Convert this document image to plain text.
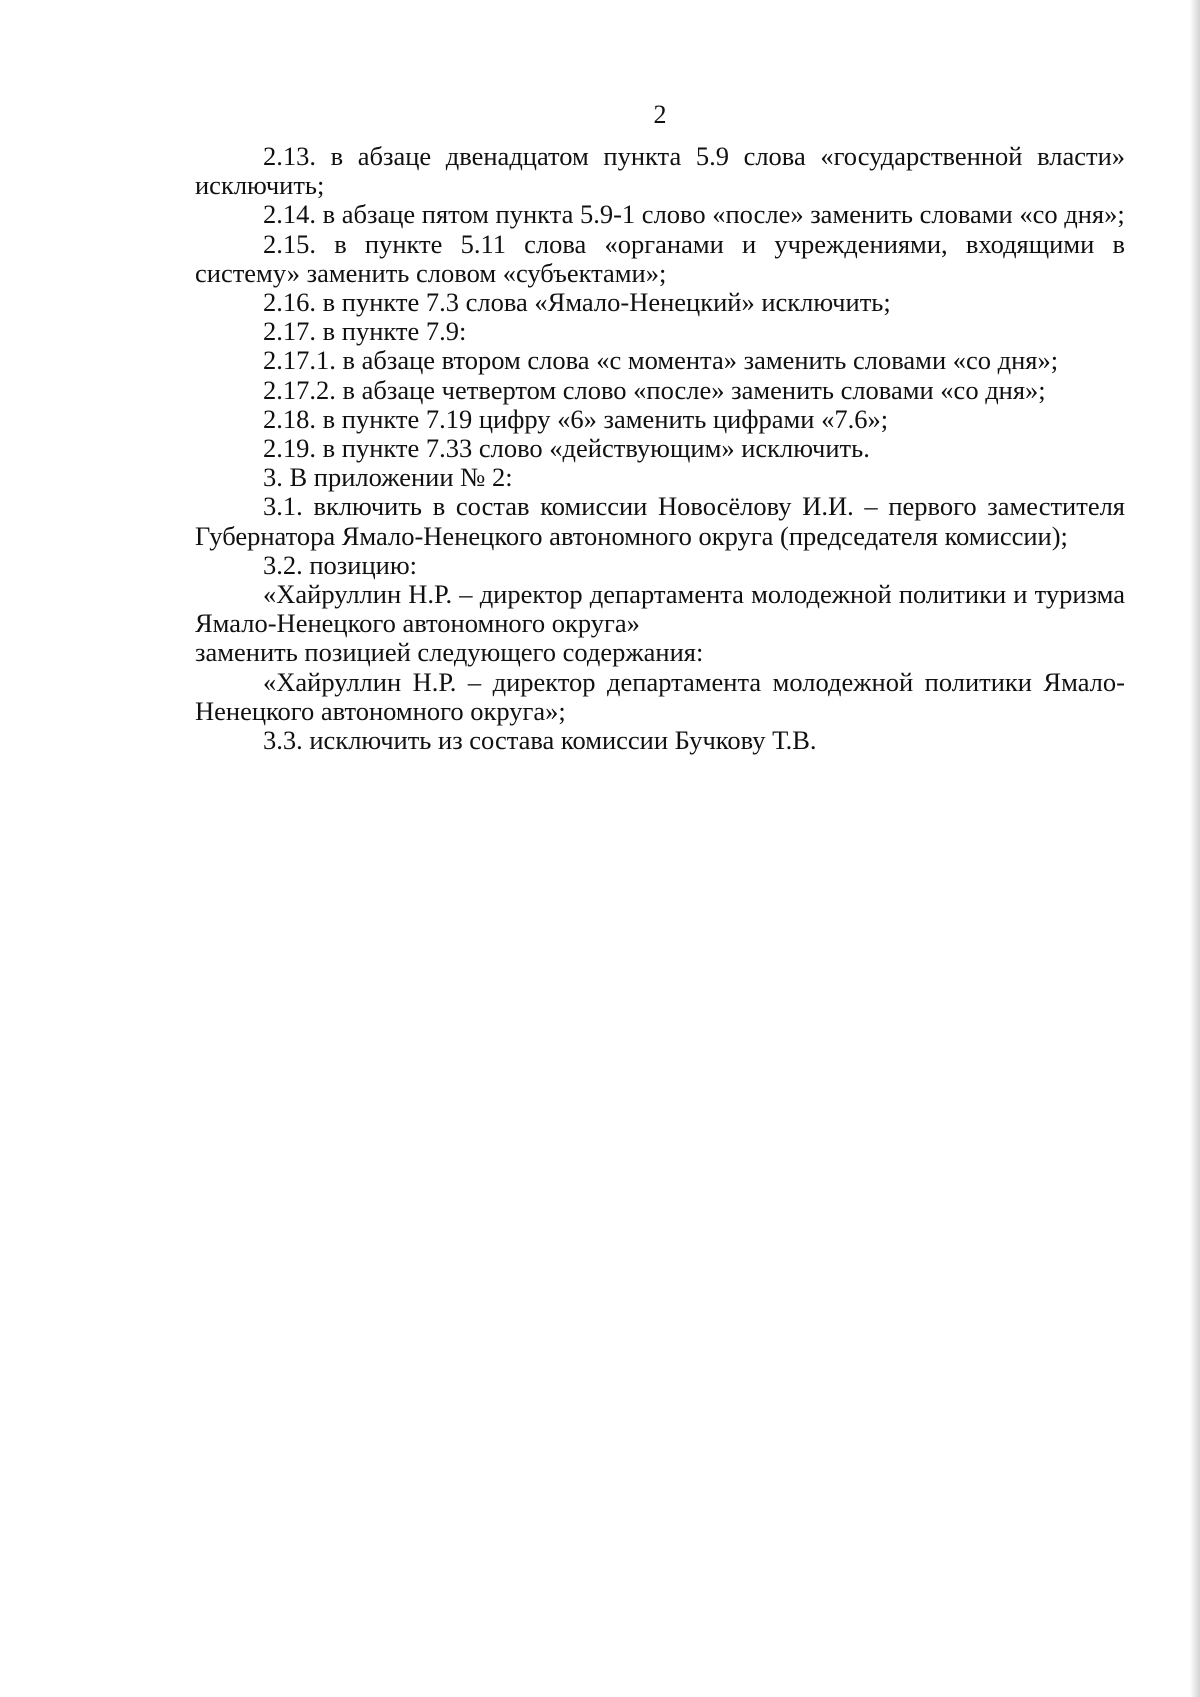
2

2.13. в абзаце двенадцатом пункта 5.9 слова «государственной власти» исключить;

2.14. в абзаце пятом пункта 5.9-1 слово «после» заменить словами «со дня»;

2.15. в пункте 5.11 слова «органами и учреждениями, входящими в систему» заменить словом «субъектами»;

2.16. в пункте 7.3 слова «Ямало-Ненецкий» исключить;

2.17. в пункте 7.9:

2.17.1. в абзаце втором слова «с момента» заменить словами «со дня»;

2.17.2. в абзаце четвертом слово «после» заменить словами «со дня»;

2.18. в пункте 7.19 цифру «6» заменить цифрами «7.6»;

2.19. в пункте 7.33 слово «действующим» исключить.

3. В приложении № 2:

3.1. включить в состав комиссии Новосёлову И.И. – первого заместителя Губернатора Ямало-Ненецкого автономного округа (председателя комиссии);

3.2. позицию:

«Хайруллин Н.Р. – директор департамента молодежной политики и туризма Ямало-Ненецкого автономного округа»

заменить позицией следующего содержания:

«Хайруллин Н.Р. – директор департамента молодежной политики Ямало-Ненецкого автономного округа»;

3.3. исключить из состава комиссии Бучкову Т.В.
